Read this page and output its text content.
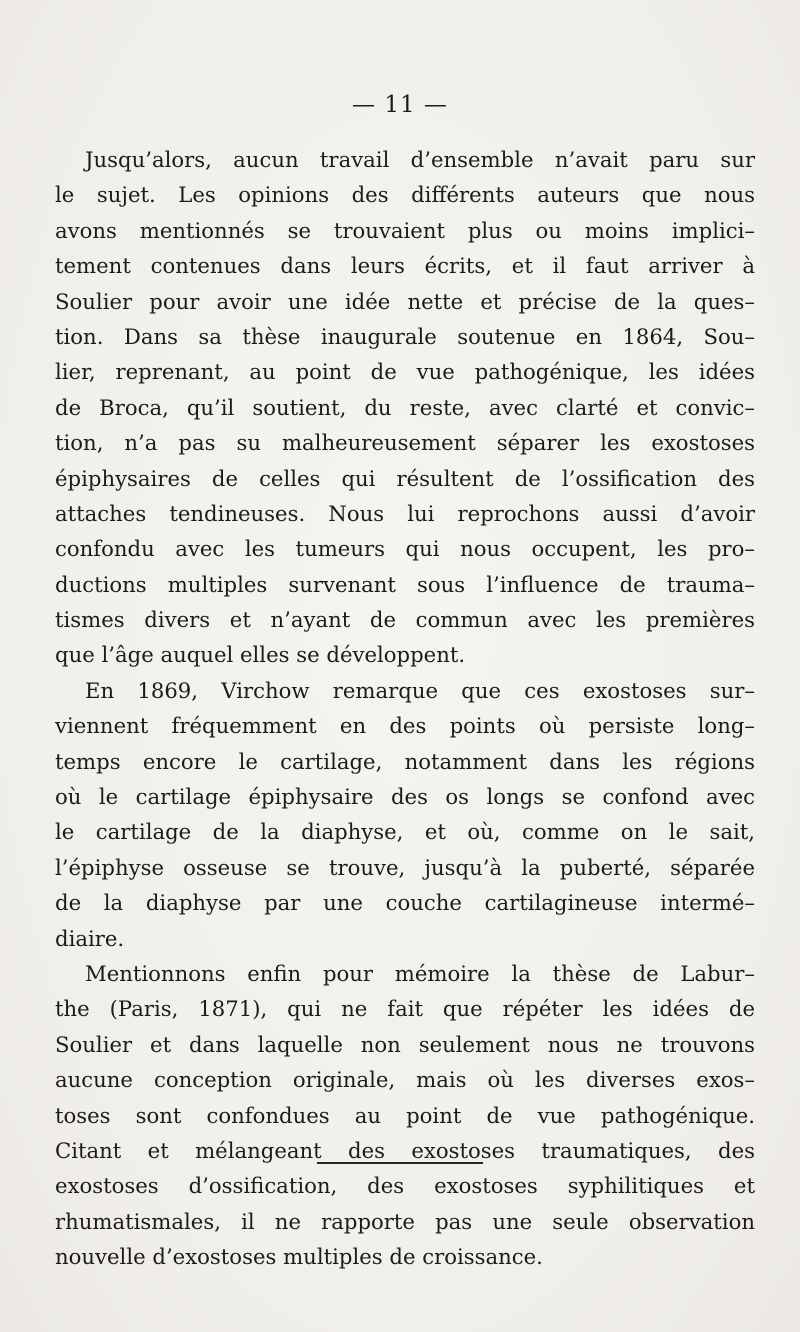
— 11 —
Jusqu’alors, aucun travail d’ensemble n’avait paru sur
le sujet. Les opinions des différents auteurs que nous
avons mentionnés se trouvaient plus ou moins implici–
tement contenues dans leurs écrits, et il faut arriver à
Soulier pour avoir une idée nette et précise de la ques–
tion. Dans sa thèse inaugurale soutenue en 1864, Sou–
lier, reprenant, au point de vue pathogénique, les idées
de Broca, qu’il soutient, du reste, avec clarté et convic–
tion, n’a pas su malheureusement séparer les exostoses
épiphysaires de celles qui résultent de l’ossification des
attaches tendineuses. Nous lui reprochons aussi d’avoir
confondu avec les tumeurs qui nous occupent, les pro–
ductions multiples survenant sous l’influence de trauma–
tismes divers et n’ayant de commun avec les premières
que l’âge auquel elles se développent.
En 1869, Virchow remarque que ces exostoses sur–
viennent fréquemment en des points où persiste long–
temps encore le cartilage, notamment dans les régions
où le cartilage épiphysaire des os longs se confond avec
le cartilage de la diaphyse, et où, comme on le sait,
l’épiphyse osseuse se trouve, jusqu’à la puberté, séparée
de la diaphyse par une couche cartilagineuse intermé–
diaire.
Mentionnons enfin pour mémoire la thèse de Labur–
the (Paris, 1871), qui ne fait que répéter les idées de
Soulier et dans laquelle non seulement nous ne trouvons
aucune conception originale, mais où les diverses exos–
toses sont confondues au point de vue pathogénique.
Citant et mélangeant des exostoses traumatiques, des
exostoses d’ossification, des exostoses syphilitiques et
rhumatismales, il ne rapporte pas une seule observation
nouvelle d’exostoses multiples de croissance.
